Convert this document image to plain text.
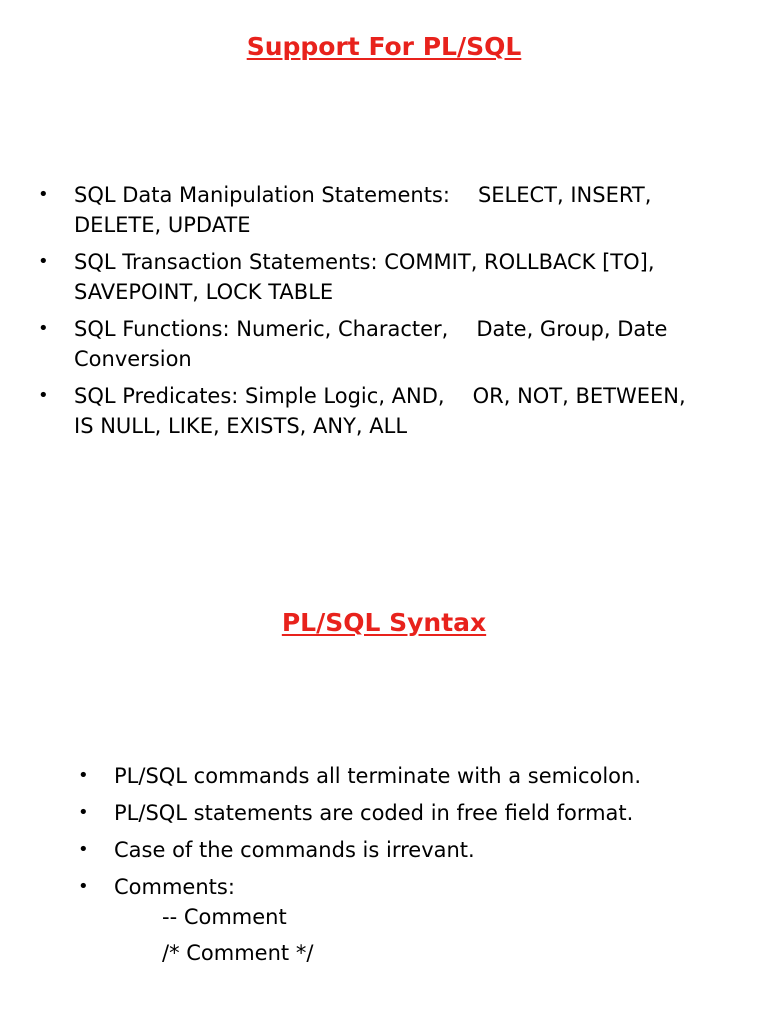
Support For PL/SQL
SQL Data Manipulation Statements: SELECT, INSERT,
DELETE, UPDATE
SQL Transaction Statements: COMMIT, ROLLBACK [TO],
SAVEPOINT, LOCK TABLE
SQL Functions: Numeric, Character, Date, Group, Date
Conversion
SQL Predicates: Simple Logic, AND, OR, NOT, BETWEEN,
IS NULL, LIKE, EXISTS, ANY, ALL
PL/SQL Syntax
PL/SQL commands all terminate with a semicolon.
PL/SQL statements are coded in free field format.
Case of the commands is irrevant.
Comments:
-- Comment
/* Comment */
